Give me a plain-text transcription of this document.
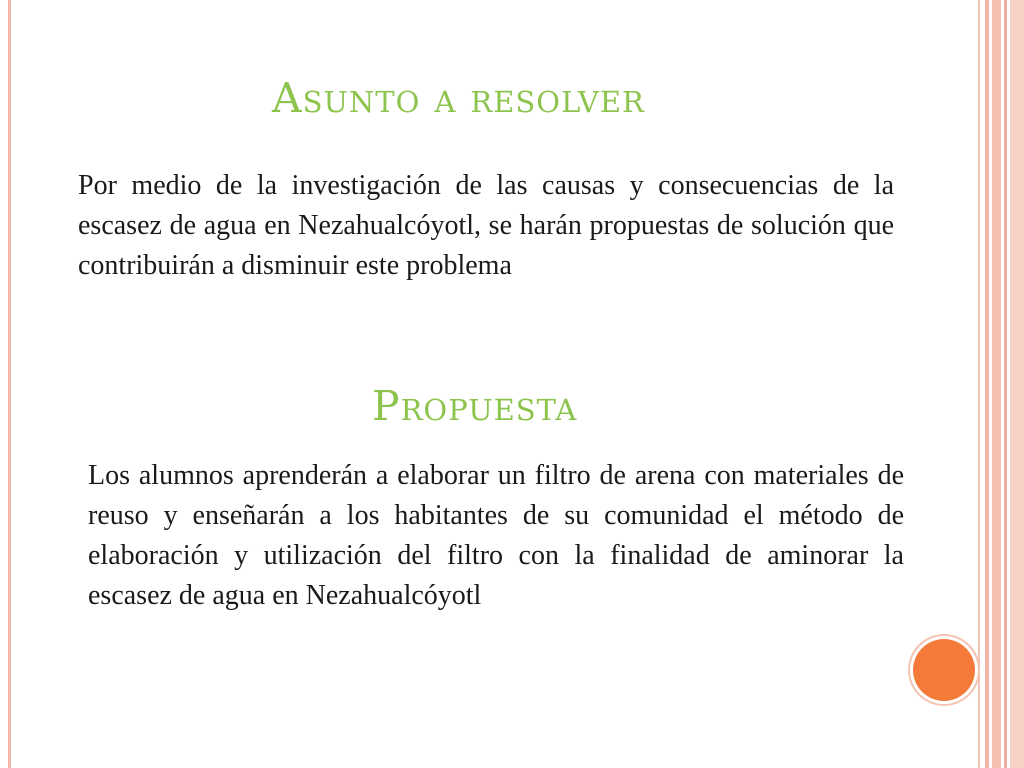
Asunto a resolver

Por medio de la investigación de las causas y consecuencias de la escasez de agua en Nezahualcóyotl, se harán propuestas de solución que contribuirán a disminuir este problema

Propuesta

Los alumnos aprenderán a elaborar un filtro de arena con materiales de reuso y enseñarán a los habitantes de su comunidad el método de elaboración y utilización del filtro con la finalidad de aminorar la escasez de agua en Nezahualcóyotl
